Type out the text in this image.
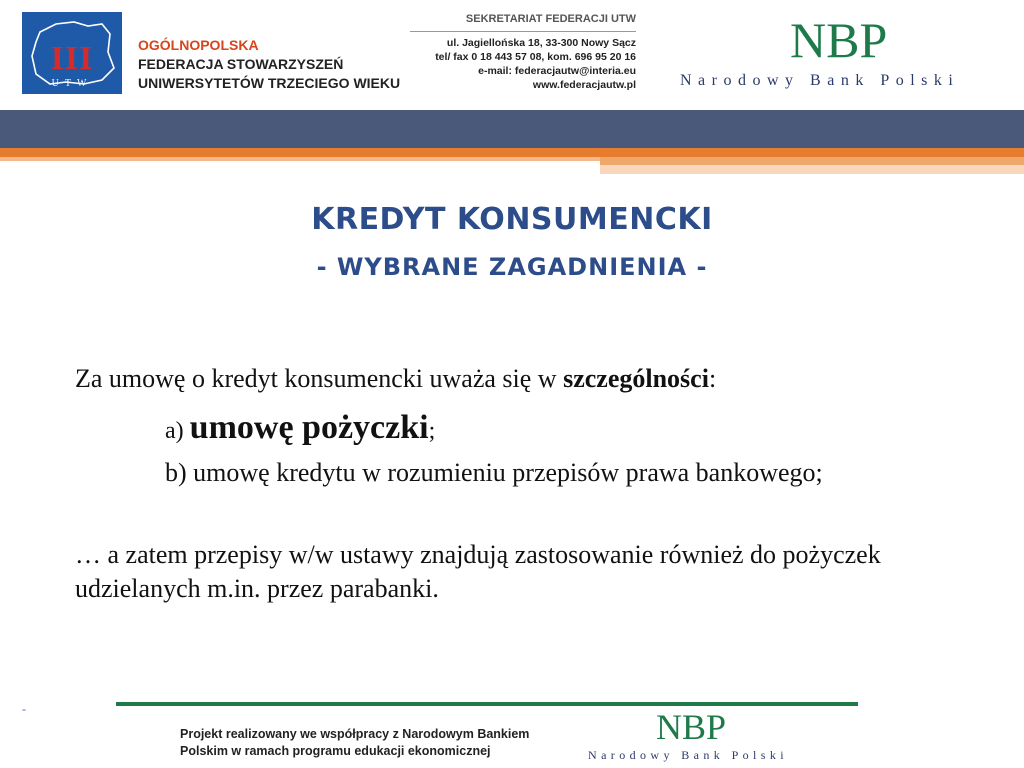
III
UTW
OGÓLNOPOLSKA
FEDERACJA STOWARZYSZEŃ
UNIWERSYTETÓW TRZECIEGO WIEKU
SEKRETARIAT FEDERACJI UTW
ul. Jagiellońska 18, 33-300 Nowy Sącz
tel/ fax 0 18 443 57 08, kom. 696 95 20 16
e-mail: federacjautw@interia.eu
www.federacjautw.pl
NBP
Narodowy Bank Polski
KREDYT KONSUMENCKI
- WYBRANE ZAGADNIENIA -
Za umowę o kredyt konsumencki uważa się w szczególności:
a) umowę pożyczki;
b) umowę kredytu w rozumieniu przepisów prawa bankowego;
… a zatem przepisy w/w ustawy znajdują zastosowanie również do pożyczek udzielanych m.in. przez parabanki.
-
Projekt realizowany we współpracy z Narodowym Bankiem
Polskim w ramach programu edukacji ekonomicznej
NBP
Narodowy Bank Polski
